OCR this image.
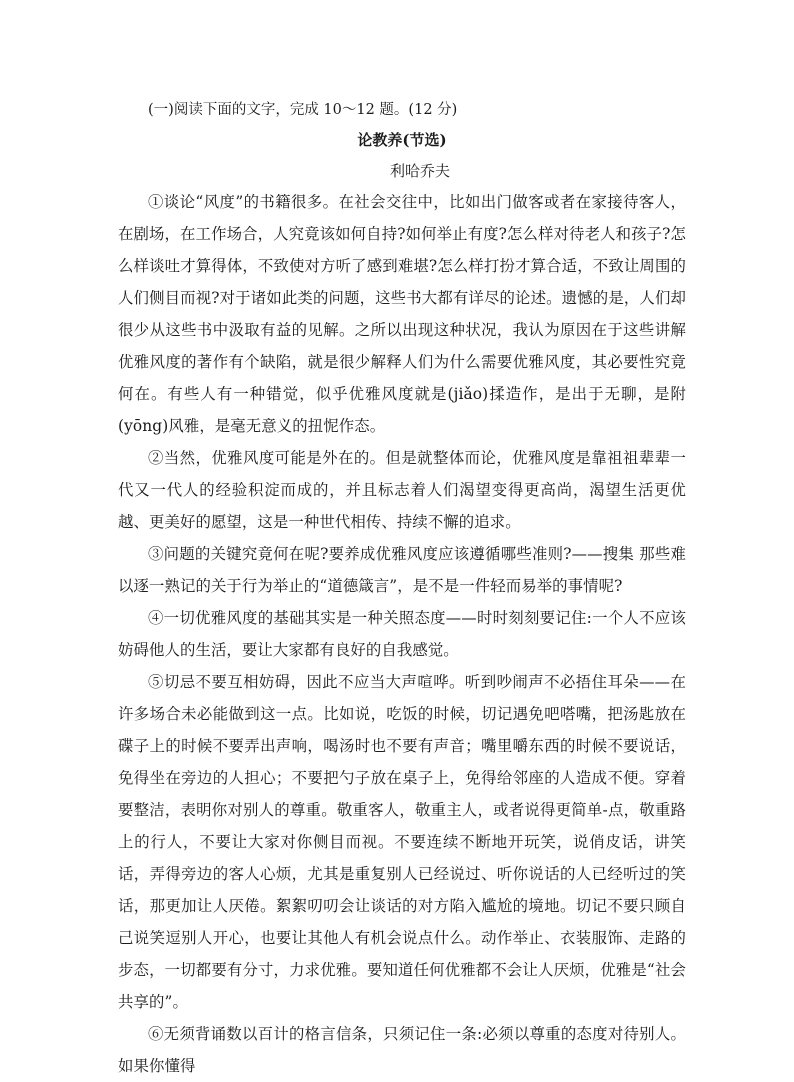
(一)阅读下面的文字，完成 10～12 题。(12 分)

论教养(节选)

利哈乔夫

①谈论“风度”的书籍很多。在社会交往中，比如出门做客或者在家接待客人，在剧场，在工作场合，人究竟该如何自持?如何举止有度?怎么样对待老人和孩子?怎么样谈吐才算得体，不致使对方听了感到难堪?怎么样打扮才算合适，不致让周围的人们侧目而视?对于诸如此类的问题，这些书大都有详尽的论述。遗憾的是，人们却很少从这些书中汲取有益的见解。之所以出现这种状况，我认为原因在于这些讲解优雅风度的著作有个缺陷，就是很少解释人们为什么需要优雅风度，其必要性究竟何在。有些人有一种错觉，似乎优雅风度就是(jiǎo)揉造作，是出于无聊，是附(yōng)风雅，是毫无意义的扭怩作态。

②当然，优雅风度可能是外在的。但是就整体而论，优雅风度是靠祖祖辈辈一代又一代人的经验积淀而成的，并且标志着人们渴望变得更高尚，渴望生活更优越、更美好的愿望，这是一种世代相传、持续不懈的追求。

③问题的关键究竟何在呢?要养成优雅风度应该遵循哪些准则?——搜集 那些难以逐一熟记的关于行为举止的“道德箴言”，是不是一件轻而易举的事情呢?

④一切优雅风度的基础其实是一种关照态度——时时刻刻要记住:一个人不应该妨碍他人的生活，要让大家都有良好的自我感觉。

⑤切忌不要互相妨碍，因此不应当大声喧哗。听到吵闹声不必捂住耳朵——在许多场合未必能做到这一点。比如说，吃饭的时候，切记遇免吧嗒嘴，把汤匙放在碟子上的时候不要弄出声响，喝汤时也不要有声音；嘴里嚼东西的时候不要说话，免得坐在旁边的人担心；不要把勺子放在桌子上，免得给邻座的人造成不便。穿着要整洁，表明你对别人的尊重。敬重客人，敬重主人，或者说得更简单-点，敬重路上的行人，不要让大家对你侧目而视。不要连续不断地开玩笑，说俏皮话，讲笑话，弄得旁边的客人心烦，尤其是重复别人已经说过、听你说话的人已经听过的笑话，那更加让人厌倦。絮絮叨叨会让谈话的对方陷入尴尬的境地。切记不要只顾自己说笑逗别人开心，也要让其他人有机会说点什么。动作举止、衣装服饰、走路的步态，一切都要有分寸，力求优雅。要知道任何优雅都不会让人厌烦，优雅是“社会共享的”。

⑥无须背诵数以百计的格言信条，只须记住一条:必须以尊重的态度对待别人。如果你懂得
